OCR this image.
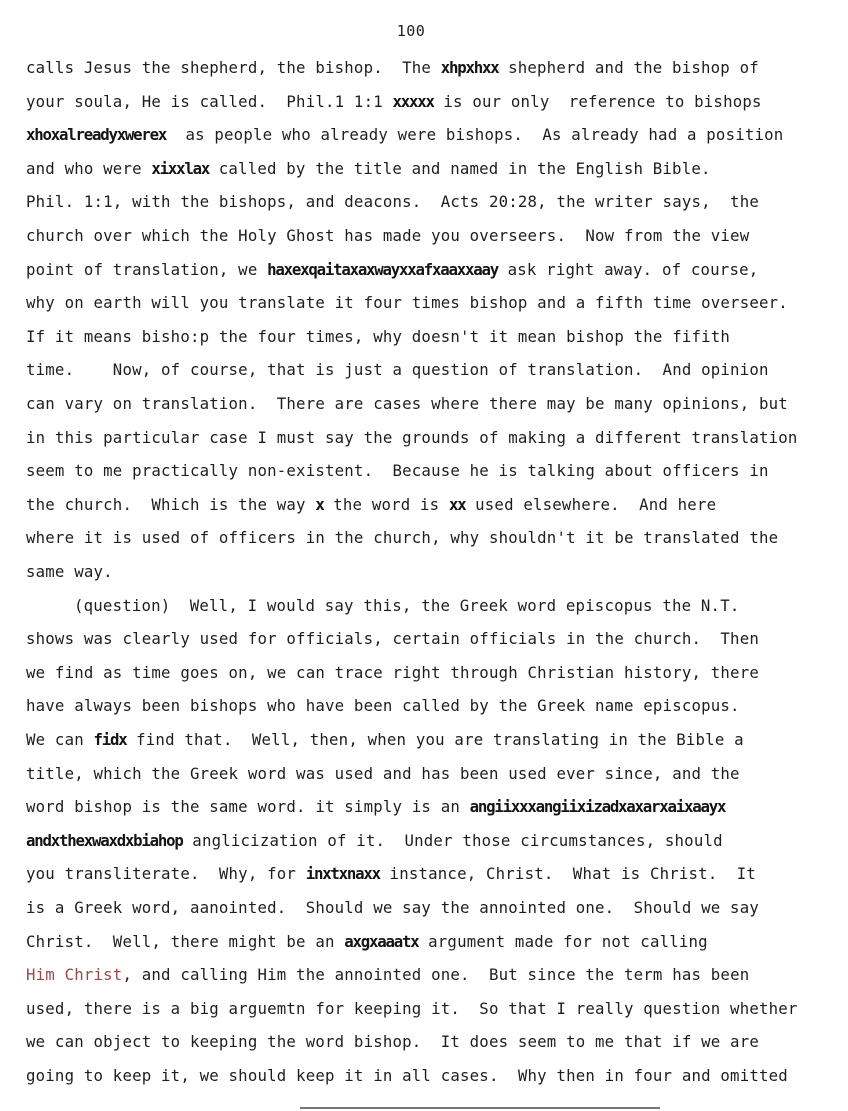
100

calls Jesus the shepherd, the bishop.  The xhpxhxx shepherd and the bishop of

your soula, He is called.  Phil.1 1:1 xxxxx is our only  reference to bishops

xhoxalreadyxwerex  as people who already were bishops.  As already had a position

and who were xixxlax called by the title and named in the English Bible.

Phil. 1:1, with the bishops, and deacons.  Acts 20:28, the writer says,  the

church over which the Holy Ghost has made you overseers.  Now from the view

point of translation, we haxexqaitaxaxwayxxafxaaxxaay ask right away. of course,

why on earth will you translate it four times bishop and a fifth time overseer.

If it means bisho:p the four times, why doesn't it mean bishop the fifith

time.    Now, of course, that is just a question of translation.  And opinion

can vary on translation.  There are cases where there may be many opinions, but

in this particular case I must say the grounds of making a different translation

seem to me practically non-existent.  Because he is talking about officers in

the church.  Which is the way x the word is xx used elsewhere.  And here

where it is used of officers in the church, why shouldn't it be translated the

same way.

(question)  Well, I would say this, the Greek word episcopus the N.T.

shows was clearly used for officials, certain officials in the church.  Then

we find as time goes on, we can trace right through Christian history, there

have always been bishops who have been called by the Greek name episcopus.

We can fidx find that.  Well, then, when you are translating in the Bible a

title, which the Greek word was used and has been used ever since, and the

word bishop is the same word. it simply is an angiixxxangiixizadxaxarxaixaayx

andxthexwaxdxbiahop anglicization of it.  Under those circumstances, should

you transliterate.  Why, for inxtxnaxx instance, Christ.  What is Christ.  It

is a Greek word, aanointed.  Should we say the annointed one.  Should we say

Christ.  Well, there might be an axgxaaatx argument made for not calling

Him Christ, and calling Him the annointed one.  But since the term has been

used, there is a big arguemtn for keeping it.  So that I really question whether

we can object to keeping the word bishop.  It does seem to me that if we are

going to keep it, we should keep it in all cases.  Why then in four and omitted
